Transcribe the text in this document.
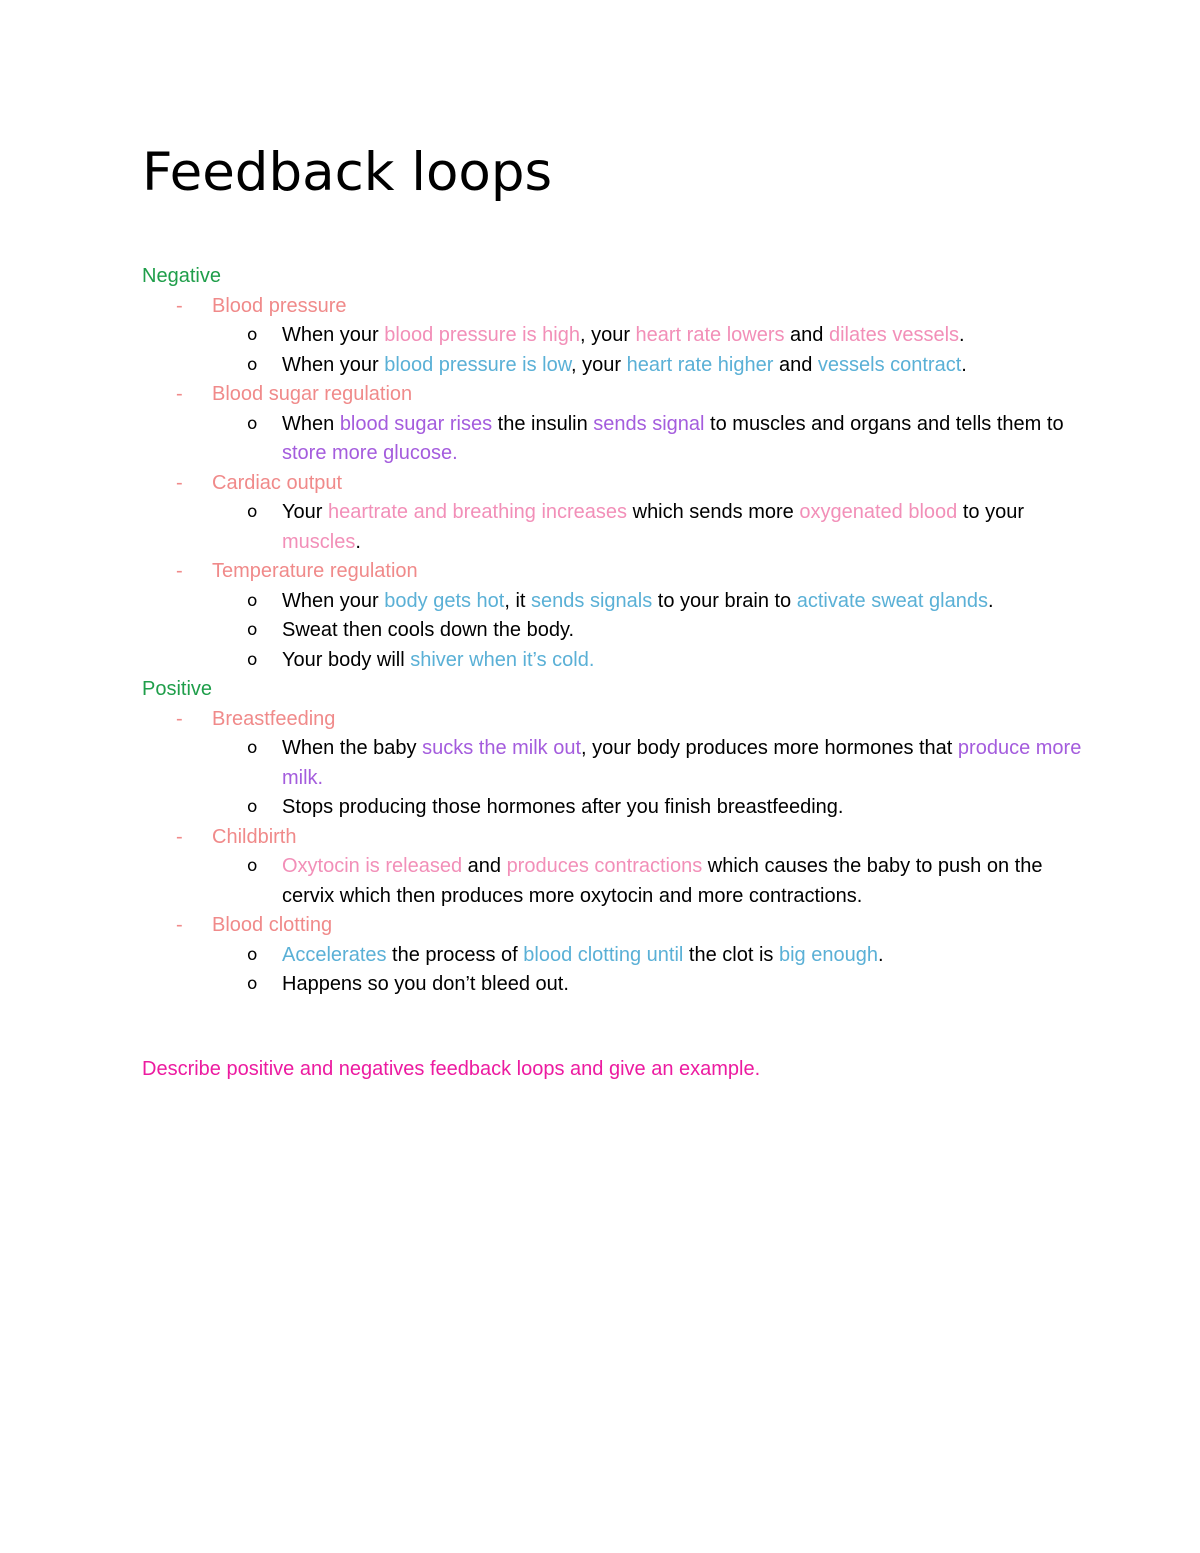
Feedback loops

Negative

- Blood pressure
o When your blood pressure is high, your heart rate lowers and dilates vessels.
o When your blood pressure is low, your heart rate higher and vessels contract.
- Blood sugar regulation
o When blood sugar rises the insulin sends signal to muscles and organs and tells them to store more glucose.
- Cardiac output
o Your heartrate and breathing increases which sends more oxygenated blood to your muscles.
- Temperature regulation
o When your body gets hot, it sends signals to your brain to activate sweat glands.
o Sweat then cools down the body.
o Your body will shiver when it’s cold.

Positive

- Breastfeeding
o When the baby sucks the milk out, your body produces more hormones that produce more milk.
o Stops producing those hormones after you finish breastfeeding.
- Childbirth
o Oxytocin is released and produces contractions which causes the baby to push on the cervix which then produces more oxytocin and more contractions.
- Blood clotting
o Accelerates the process of blood clotting until the clot is big enough.
o Happens so you don’t bleed out.

Describe positive and negatives feedback loops and give an example.
